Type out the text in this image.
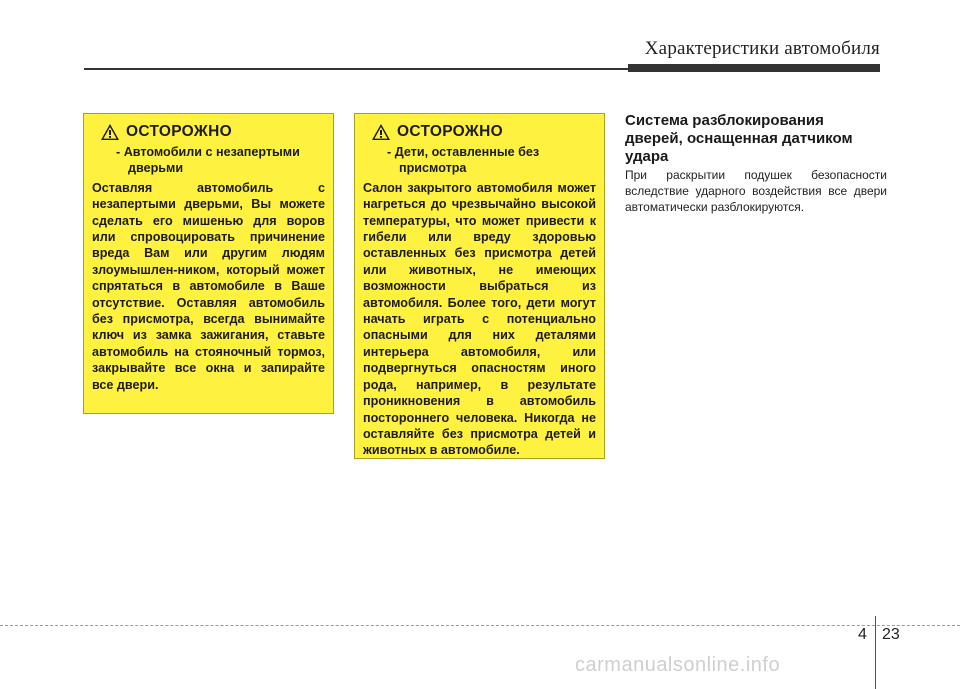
Характеристики автомобиля
ОСТОРОЖНО
- Автомобили с незапертыми дверьми
Оставляя автомобиль с незапертыми дверьми, Вы можете сделать его мишенью для воров или спровоцировать причинение вреда Вам или другим людям злоумышлен-ником, который может спрятаться в автомобиле в Ваше отсутствие. Оставляя автомобиль без присмотра, всегда вынимайте ключ из замка зажигания, ставьте автомобиль на стояночный тормоз, закрывайте все окна и запирайте все двери.
ОСТОРОЖНО
- Дети, оставленные без присмотра
Салон закрытого автомобиля может нагреться до чрезвычайно высокой температуры, что может привести к гибели или вреду здоровью оставленных без присмотра детей или животных, не имеющих возможности выбраться из автомобиля. Более того, дети могут начать играть с потенциально опасными для них деталями интерьера автомобиля, или подвергнуться опасностям иного рода, например, в результате проникновения в автомобиль постороннего человека. Никогда не оставляйте без присмотра детей и животных в автомобиле.
Система разблокирования дверей, оснащенная датчиком удара
При раскрытии подушек безопасности вследствие ударного воздействия все двери автоматически разблокируются.
4 23
carmanualsonline.info
